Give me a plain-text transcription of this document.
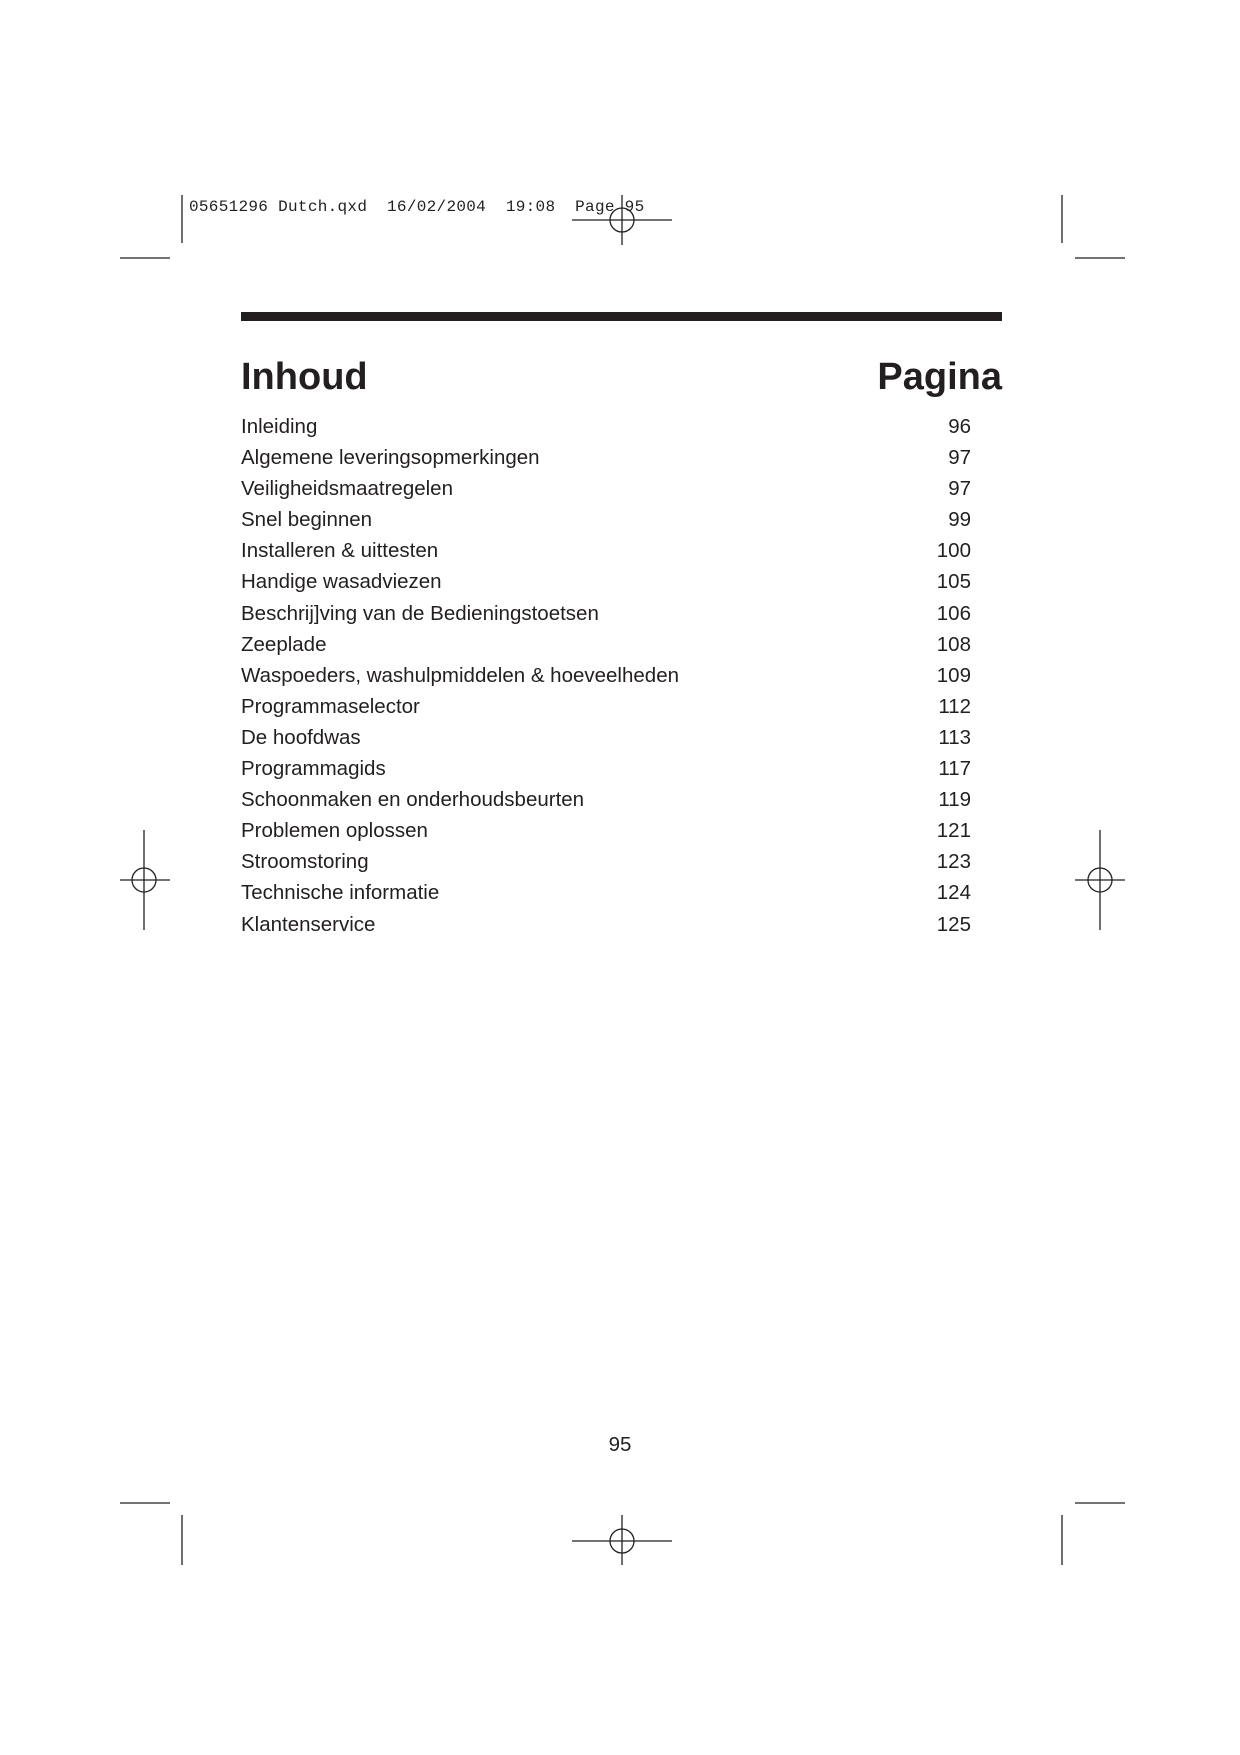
05651296 Dutch.qxd  16/02/2004  19:08  Page 95
Inhoud	Pagina
Inleiding	96
Algemene leveringsopmerkingen	97
Veiligheidsmaatregelen	97
Snel beginnen	99
Installeren & uittesten	100
Handige wasadviezen	105
Beschrij]ving van de Bedieningstoetsen	106
Zeeplade	108
Waspoeders, washulpmiddelen & hoeveelheden	109
Programmaselector	112
De hoofdwas	113
Programmagids	117
Schoonmaken en onderhoudsbeurten	119
Problemen oplossen	121
Stroomstoring	123
Technische informatie	124
Klantenservice	125
95
